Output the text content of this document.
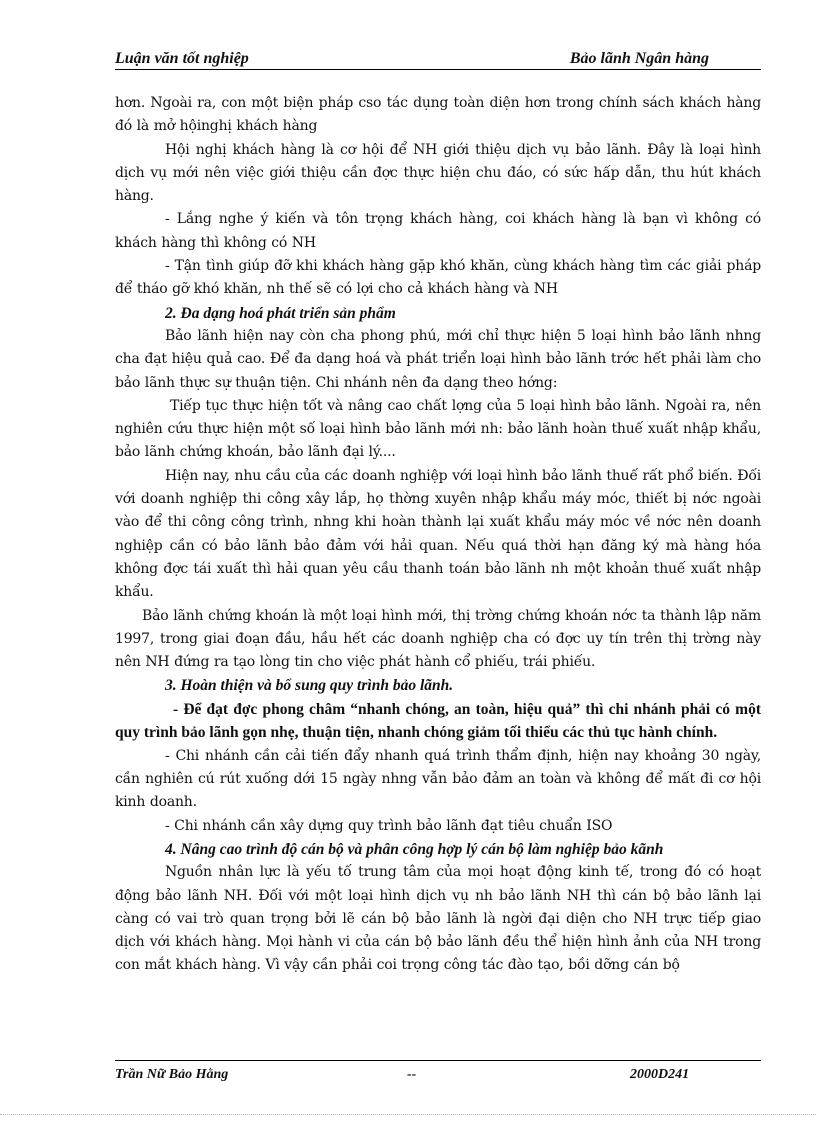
Luận văn tốt nghiệp	Bảo lãnh Ngân hàng

hơn. Ngoài ra, con một biện pháp cso tác dụng toàn diện hơn trong chính sách khách hàng đó là mở hộinghị khách hàng

Hội nghị khách hàng là cơ hội để NH giới thiệu dịch vụ bảo lãnh. Đây là loại hình dịch vụ mới nên việc giới thiệu cần đợc thực hiện chu đáo, có sức hấp dẫn, thu hút khách hàng.

- Lắng nghe ý kiến và tôn trọng khách hàng, coi khách hàng là bạn vì không có khách hàng thì không có NH

- Tận tình giúp đỡ khi khách hàng gặp khó khăn, cùng khách hàng tìm các giải pháp để tháo gỡ khó khăn, nh thế sẽ có lợi cho cả khách hàng và NH

2. Đa dạng hoá phát triển sản phẩm

Bảo lãnh hiện nay còn cha phong phú, mới chỉ thực hiện 5 loại hình bảo lãnh nhng cha đạt hiệu quả cao. Để đa dạng hoá và phát triển loại hình bảo lãnh trớc hết phải làm cho bảo lãnh thực sự thuận tiện. Chi nhánh nên đa dạng theo hớng:

Tiếp tục thực hiện tốt và nâng cao chất lợng của 5 loại hình bảo lãnh. Ngoài ra, nên nghiên cứu thực hiện một số loại hình bảo lãnh mới nh: bảo lãnh hoàn thuế xuất nhập khẩu, bảo lãnh chứng khoán, bảo lãnh đại lý....

Hiện nay, nhu cầu của các doanh nghiệp với loại hình bảo lãnh thuế rất phổ biến. Đối với doanh nghiệp thi công xây lắp, họ thờng xuyên nhập khẩu máy móc, thiết bị nớc ngoài vào để thi công công trình, nhng khi hoàn thành lại xuất khẩu máy móc về nớc nên doanh nghiệp cần có bảo lãnh bảo đảm với hải quan. Nếu quá thời hạn đăng ký mà hàng hóa không đợc tái xuất thì hải quan yêu cầu thanh toán bảo lãnh nh một khoản thuế xuất nhập khẩu.

Bảo lãnh chứng khoán là một loại hình mới, thị trờng chứng khoán nớc ta thành lập năm 1997, trong giai đoạn đầu, hầu hết các doanh nghiệp cha có đợc uy tín trên thị trờng này nên NH đứng ra tạo lòng tin cho việc phát hành cổ phiếu, trái phiếu.

3. Hoàn thiện và bổ sung quy trình bảo lãnh.

- Để đạt đợc phong châm “nhanh chóng, an toàn, hiệu quả” thì chi nhánh phải có một quy trình bảo lãnh gọn nhẹ, thuận tiện, nhanh chóng giảm tối thiểu các thủ tục hành chính.

- Chi nhánh cần cải tiến đẩy nhanh quá trình thẩm định, hiện nay khoảng 30 ngày, cần nghiên cú rút xuống dới 15 ngày nhng vẫn bảo đảm an toàn và không để mất đi cơ hội kinh doanh.

- Chi nhánh cần xây dựng quy trình bảo lãnh đạt tiêu chuẩn ISO

4. Nâng cao trình độ cán bộ và phân công hợp lý cán bộ làm nghiệp bảo kãnh

Nguồn nhân lực là yếu tố trung tâm của mọi hoạt động kinh tế, trong đó có hoạt động bảo lãnh NH. Đối với một loại hình dịch vụ nh bảo lãnh NH thì cán bộ bảo lãnh lại càng có vai trò quan trọng bởi lẽ cán bộ bảo lãnh là ngời đại diện cho NH trực tiếp giao dịch với khách hàng. Mọi hành vi của cán bộ bảo lãnh đều thể hiện hình ảnh của NH trong con mắt khách hàng. Vì vậy cần phải coi trọng công tác đào tạo, bồi dỡng cán bộ

Trần Nữ Bảo Hằng	--	2000D241
